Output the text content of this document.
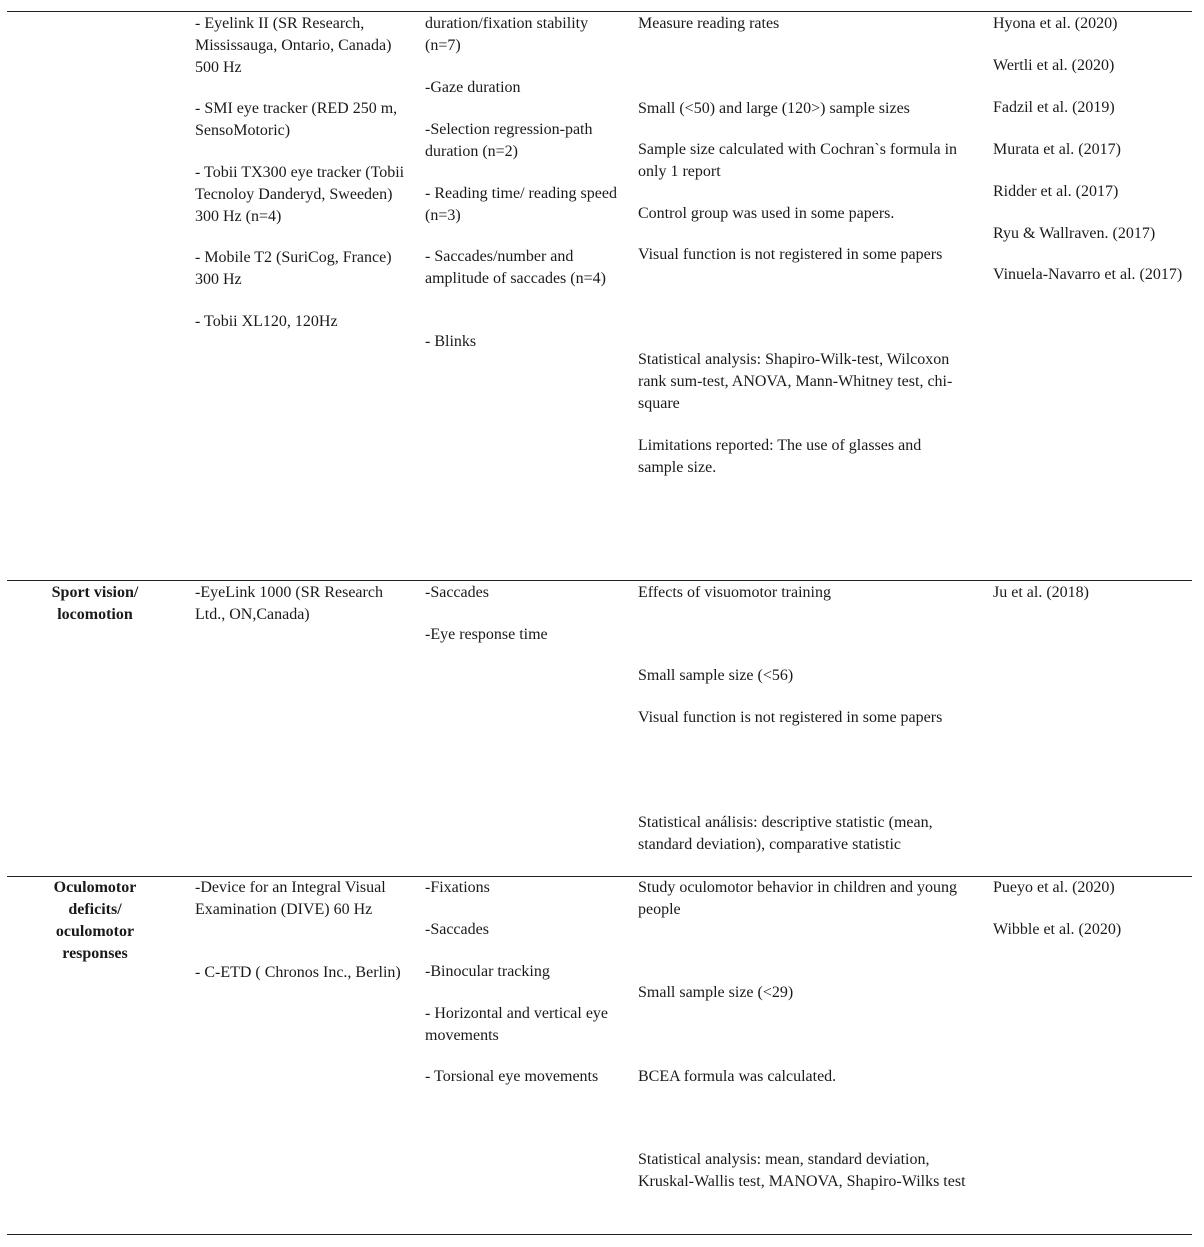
- Eyelink II (SR Research, Mississauga, Ontario, Canada) 500 Hz

- SMI eye tracker (RED 250 m, SensoMotoric)

- Tobii TX300 eye tracker (Tobii Tecnoloy Danderyd, Sweeden) 300 Hz (n=4)

- Mobile T2 (SuriCog, France) 300 Hz

- Tobii XL120, 120Hz

duration/fixation stability (n=7)

-Gaze duration

-Selection regression-path duration (n=2)

- Reading time/ reading speed (n=3)

- Saccades/number and amplitude of saccades (n=4)

- Blinks

Measure reading rates

Small (<50) and large (120>) sample sizes

Sample size calculated with Cochran`s formula in only 1 report

Control group was used in some papers.

Visual function is not registered in some papers

Statistical analysis: Shapiro-Wilk-test, Wilcoxon rank sum-test, ANOVA, Mann-Whitney test, chi-square

Limitations reported: The use of glasses and sample size.

Hyona et al. (2020)

Wertli et al. (2020)

Fadzil et al. (2019)

Murata et al. (2017)

Ridder et al. (2017)

Ryu & Wallraven. (2017)

Vinuela-Navarro et al. (2017)

Sport vision/ locomotion

-EyeLink 1000 (SR Research Ltd., ON,Canada)

-Saccades

-Eye response time

Effects of visuomotor training

Small sample size (<56)

Visual function is not registered in some papers

Statistical análisis: descriptive statistic (mean, standard deviation), comparative statistic

Ju et al. (2018)

Oculomotor deficits/ oculomotor responses

-Device for an Integral Visual Examination (DIVE) 60 Hz

- C-ETD ( Chronos Inc., Berlin)

-Fixations

-Saccades

-Binocular tracking

- Horizontal and vertical eye movements

- Torsional eye movements

Study oculomotor behavior in children and young people

Small sample size (<29)

BCEA formula was calculated.

Statistical analysis: mean, standard deviation, Kruskal-Wallis test, MANOVA, Shapiro-Wilks test

Pueyo et al. (2020)

Wibble et al. (2020)
